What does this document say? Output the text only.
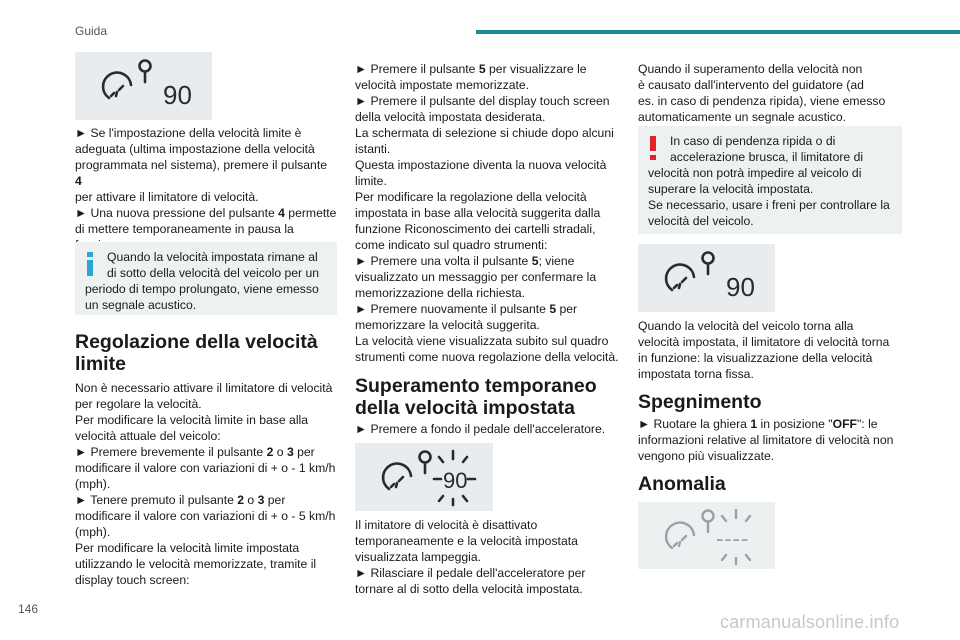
Guida
146
carmanualsonline.info
90

► Se l'impostazione della velocità limite è
adeguata (ultima impostazione della velocità
programmata nel sistema), premere il pulsante 4
per attivare il limitatore di velocità.
► Una nuova pressione del pulsante 4 permette
di mettere temporaneamente in pausa la

Quando la velocità impostata rimane al
di sotto della velocità del veicolo per un

periodo di tempo prolungato, viene emesso
un segnale acustico.

Regolazione della velocità
limite

Non è necessario attivare il limitatore di velocità
per regolare la velocità.
Per modificare la velocità limite in base alla
velocità attuale del veicolo:
► Premere brevemente il pulsante 2 o 3 per
modificare il valore con variazioni di + o - 1 km/h
(mph).
► Tenere premuto il pulsante 2 o 3 per
modificare il valore con variazioni di + o - 5 km/h
(mph).
Per modificare la velocità limite impostata
utilizzando le velocità memorizzate, tramite il
display touch screen:

► Premere il pulsante 5 per visualizzare le
velocità impostate memorizzate.
► Premere il pulsante del display touch screen
della velocità impostata desiderata.
La schermata di selezione si chiude dopo alcuni
istanti.
Questa impostazione diventa la nuova velocità
limite.
Per modificare la regolazione della velocità
impostata in base alla velocità suggerita dalla
funzione Riconoscimento dei cartelli stradali,
come indicato sul quadro strumenti:
► Premere una volta il pulsante 5; viene
visualizzato un messaggio per confermare la
memorizzazione della richiesta.
► Premere nuovamente il pulsante 5 per
memorizzare la velocità suggerita.
La velocità viene visualizzata subito sul quadro
strumenti come nuova regolazione della velocità.

Superamento temporaneo
della velocità impostata

► Premere a fondo il pedale dell'acceleratore.

90

Il imitatore di velocità è disattivato
temporaneamente e la velocità impostata
visualizzata lampeggia.
► Rilasciare il pedale dell'acceleratore per
tornare al di sotto della velocità impostata.

Quando il superamento della velocità non
è causato dall'intervento del guidatore (ad
es. in caso di pendenza ripida), viene emesso
automaticamente un segnale acustico.

In caso di pendenza ripida o di
accelerazione brusca, il limitatore di

velocità non potrà impedire al veicolo di
superare la velocità impostata.
Se necessario, usare i freni per controllare la
velocità del veicolo.

90

Quando la velocità del veicolo torna alla
velocità impostata, il limitatore di velocità torna
in funzione: la visualizzazione della velocità
impostata torna fissa.

Spegnimento

► Ruotare la ghiera 1 in posizione "OFF": le
informazioni relative al limitatore di velocità non
vengono più visualizzate.

Anomalia
----
